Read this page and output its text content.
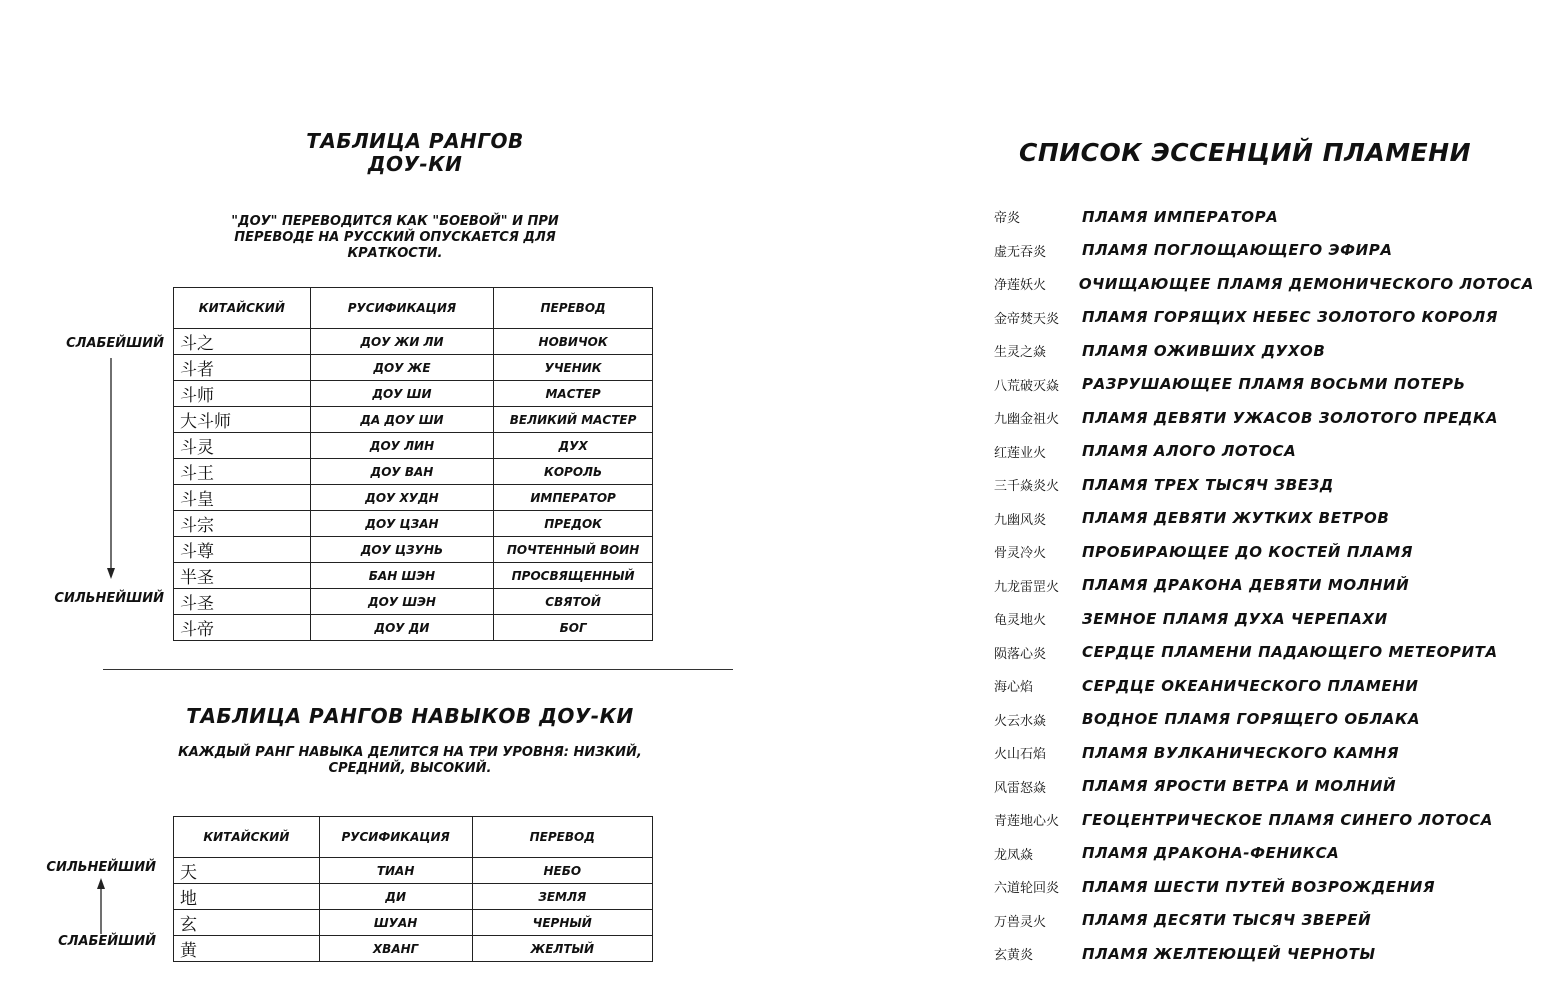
ТАБЛИЦА РАНГОВ
ДОУ-КИ
"ДОУ" ПЕРЕВОДИТСЯ КАК "БОЕВОЙ" И ПРИ ПЕРЕВОДЕ НА РУССКИЙ ОПУСКАЕТСЯ ДЛЯ КРАТКОСТИ.
СЛАБЕЙШИЙ
СИЛЬНЕЙШИЙ
КИТАЙСКИЙ	РУСИФИКАЦИЯ	ПЕРЕВОД
斗之	ДОУ ЖИ ЛИ	НОВИЧОК
斗者	ДОУ ЖЕ	УЧЕНИК
斗师	ДОУ ШИ	МАСТЕР
大斗师	ДА ДОУ ШИ	ВЕЛИКИЙ МАСТЕР
斗灵	ДОУ ЛИН	ДУХ
斗王	ДОУ ВАН	КОРОЛЬ
斗皇	ДОУ ХУДН	ИМПЕРАТОР
斗宗	ДОУ ЦЗАН	ПРЕДОК
斗尊	ДОУ ЦЗУНЬ	ПОЧТЕННЫЙ ВОИН
半圣	БАН ШЭН	ПРОСВЯЩЕННЫЙ
斗圣	ДОУ ШЭН	СВЯТОЙ
斗帝	ДОУ ДИ	БОГ
ТАБЛИЦА РАНГОВ НАВЫКОВ ДОУ-КИ
КАЖДЫЙ РАНГ НАВЫКА ДЕЛИТСЯ НА ТРИ УРОВНЯ: НИЗКИЙ, СРЕДНИЙ, ВЫСОКИЙ.
СИЛЬНЕЙШИЙ
СЛАБЕЙШИЙ
КИТАЙСКИЙ	РУСИФИКАЦИЯ	ПЕРЕВОД
天	ТИАН	НЕБО
地	ДИ	ЗЕМЛЯ
玄	ШУАН	ЧЕРНЫЙ
黄	ХВАНГ	ЖЕЛТЫЙ
СПИСОК ЭССЕНЦИЙ ПЛАМЕНИ
帝炎	ПЛАМЯ ИМПЕРАТОРА
虚无吞炎	ПЛАМЯ ПОГЛОЩАЮЩЕГО ЭФИРА
净莲妖火	ОЧИЩАЮЩЕЕ ПЛАМЯ ДЕМОНИЧЕСКОГО ЛОТОСА
金帝焚天炎	ПЛАМЯ ГОРЯЩИХ НЕБЕС ЗОЛОТОГО КОРОЛЯ
生灵之焱	ПЛАМЯ ОЖИВШИХ ДУХОВ
八荒破灭焱	РАЗРУШАЮЩЕЕ ПЛАМЯ ВОСЬМИ ПОТЕРЬ
九幽金祖火	ПЛАМЯ ДЕВЯТИ УЖАСОВ ЗОЛОТОГО ПРЕДКА
红莲业火	ПЛАМЯ АЛОГО ЛОТОСА
三千焱炎火	ПЛАМЯ ТРЕХ ТЫСЯЧ ЗВЕЗД
九幽风炎	ПЛАМЯ ДЕВЯТИ ЖУТКИХ ВЕТРОВ
骨灵冷火	ПРОБИРАЮЩЕЕ ДО КОСТЕЙ ПЛАМЯ
九龙雷罡火	ПЛАМЯ ДРАКОНА ДЕВЯТИ МОЛНИЙ
龟灵地火	ЗЕМНОЕ ПЛАМЯ ДУХА ЧЕРЕПАХИ
陨落心炎	СЕРДЦЕ ПЛАМЕНИ ПАДАЮЩЕГО МЕТЕОРИТА
海心焰	СЕРДЦЕ ОКЕАНИЧЕСКОГО ПЛАМЕНИ
火云水焱	ВОДНОЕ ПЛАМЯ ГОРЯЩЕГО ОБЛАКА
火山石焰	ПЛАМЯ ВУЛКАНИЧЕСКОГО КАМНЯ
风雷怒焱	ПЛАМЯ ЯРОСТИ ВЕТРА И МОЛНИЙ
青莲地心火	ГЕОЦЕНТРИЧЕСКОЕ ПЛАМЯ СИНЕГО ЛОТОСА
龙凤焱	ПЛАМЯ ДРАКОНА-ФЕНИКСА
六道轮回炎	ПЛАМЯ ШЕСТИ ПУТЕЙ ВОЗРОЖДЕНИЯ
万兽灵火	ПЛАМЯ ДЕСЯТИ ТЫСЯЧ ЗВЕРЕЙ
玄黄炎	ПЛАМЯ ЖЕЛТЕЮЩЕЙ ЧЕРНОТЫ
